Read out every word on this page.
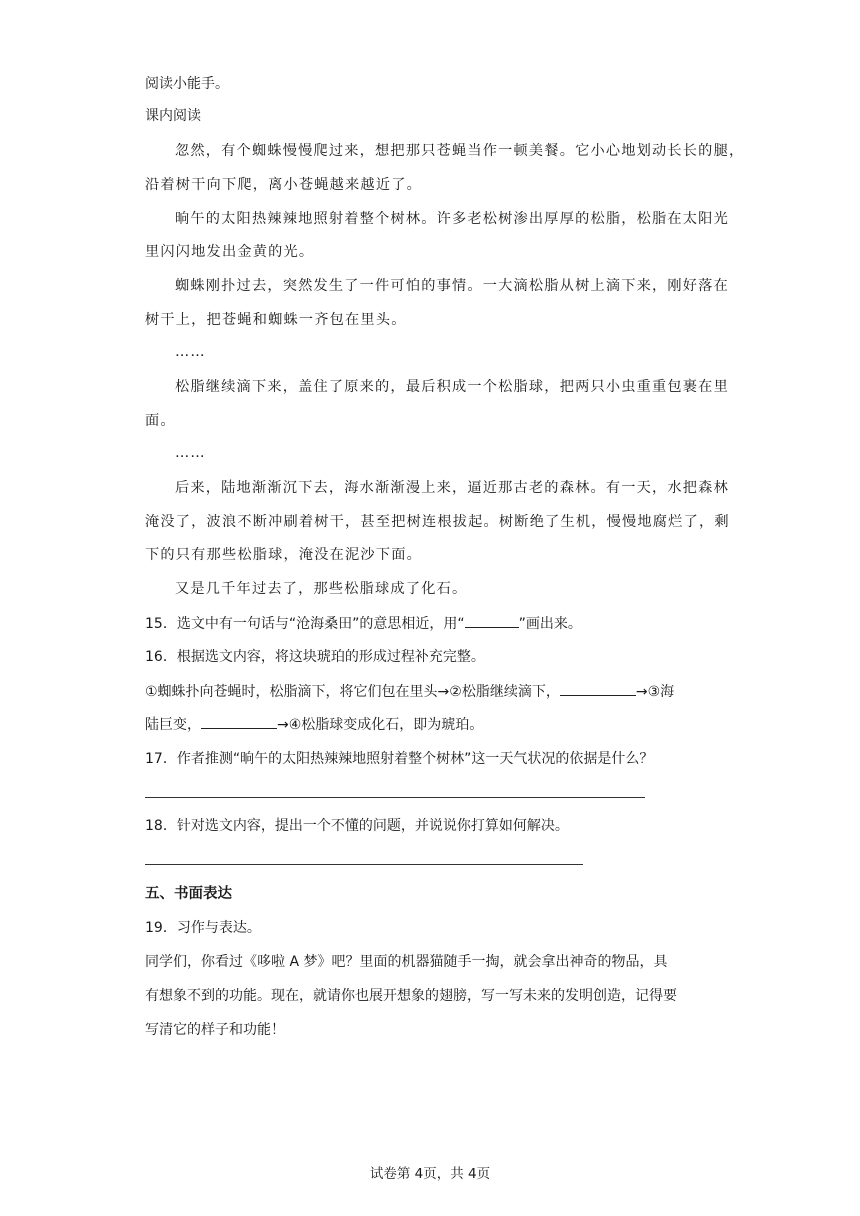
阅读小能手。
课内阅读
忽然，有个蜘蛛慢慢爬过来，想把那只苍蝇当作一顿美餐。它小心地划动长长的腿，
沿着树干向下爬，离小苍蝇越来越近了。
晌午的太阳热辣辣地照射着整个树林。许多老松树渗出厚厚的松脂，松脂在太阳光
里闪闪地发出金黄的光。
蜘蛛刚扑过去，突然发生了一件可怕的事情。一大滴松脂从树上滴下来，刚好落在
树干上，把苍蝇和蜘蛛一齐包在里头。
……
松脂继续滴下来，盖住了原来的，最后积成一个松脂球，把两只小虫重重包裹在里
面。
……
后来，陆地渐渐沉下去，海水渐渐漫上来，逼近那古老的森林。有一天，水把森林
淹没了，波浪不断冲刷着树干，甚至把树连根拔起。树断绝了生机，慢慢地腐烂了，剩
下的只有那些松脂球，淹没在泥沙下面。
又是几千年过去了，那些松脂球成了化石。
15．选文中有一句话与“沧海桑田”的意思相近，用“	”画出来。
16．根据选文内容，将这块琥珀的形成过程补充完整。
①蜘蛛扑向苍蝇时，松脂滴下，将它们包在里头→②松脂继续滴下，	→③海
陆巨变，	→④松脂球变成化石，即为琥珀。
17．作者推测“晌午的太阳热辣辣地照射着整个树林”这一天气状况的依据是什么？
18．针对选文内容，提出一个不懂的问题，并说说你打算如何解决。
五、书面表达
19．习作与表达。
同学们，你看过《哆啦 A 梦》吧？里面的机器猫随手一掏，就会拿出神奇的物品，具
有想象不到的功能。现在，就请你也展开想象的翅膀，写一写未来的发明创造，记得要
写清它的样子和功能！
试卷第 4页，共 4页
